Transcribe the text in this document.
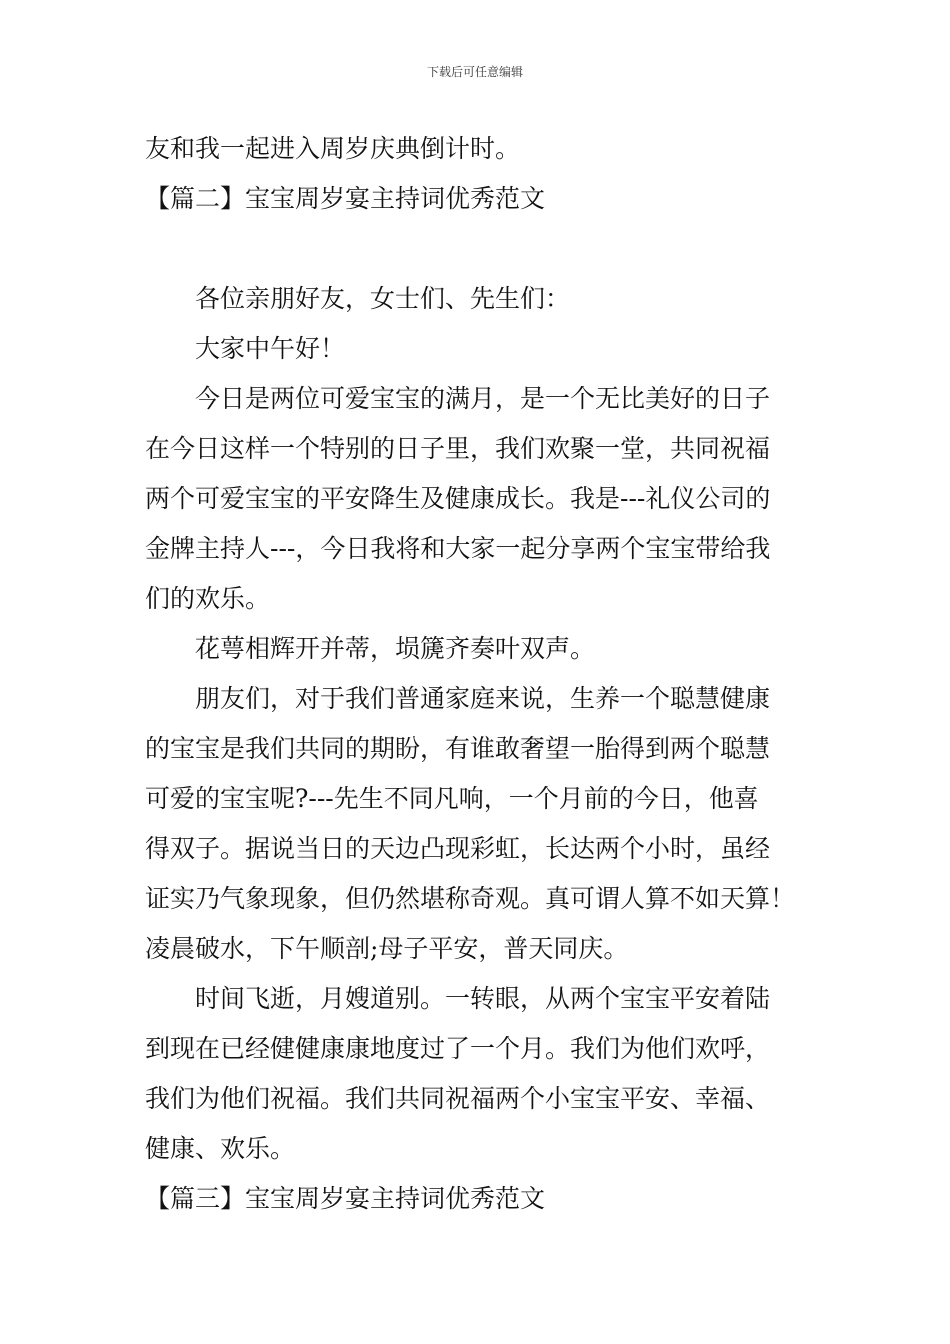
下载后可任意编辑
友和我一起进入周岁庆典倒计时。
【篇二】宝宝周岁宴主持词优秀范文
各位亲朋好友，女士们、先生们：
大家中午好！
今日是两位可爱宝宝的满月，是一个无比美好的日子
在今日这样一个特别的日子里，我们欢聚一堂，共同祝福
两个可爱宝宝的平安降生及健康成长。我是---礼仪公司的
金牌主持人---，今日我将和大家一起分享两个宝宝带给我
们的欢乐。
花萼相辉开并蒂，埙篪齐奏叶双声。
朋友们，对于我们普通家庭来说，生养一个聪慧健康
的宝宝是我们共同的期盼，有谁敢奢望一胎得到两个聪慧
可爱的宝宝呢?---先生不同凡响，一个月前的今日，他喜
得双子。据说当日的天边凸现彩虹，长达两个小时，虽经
证实乃气象现象，但仍然堪称奇观。真可谓人算不如天算！
凌晨破水，下午顺剖;母子平安，普天同庆。
时间飞逝，月嫂道别。一转眼，从两个宝宝平安着陆
到现在已经健健康康地度过了一个月。我们为他们欢呼，
我们为他们祝福。我们共同祝福两个小宝宝平安、幸福、
健康、欢乐。
【篇三】宝宝周岁宴主持词优秀范文
